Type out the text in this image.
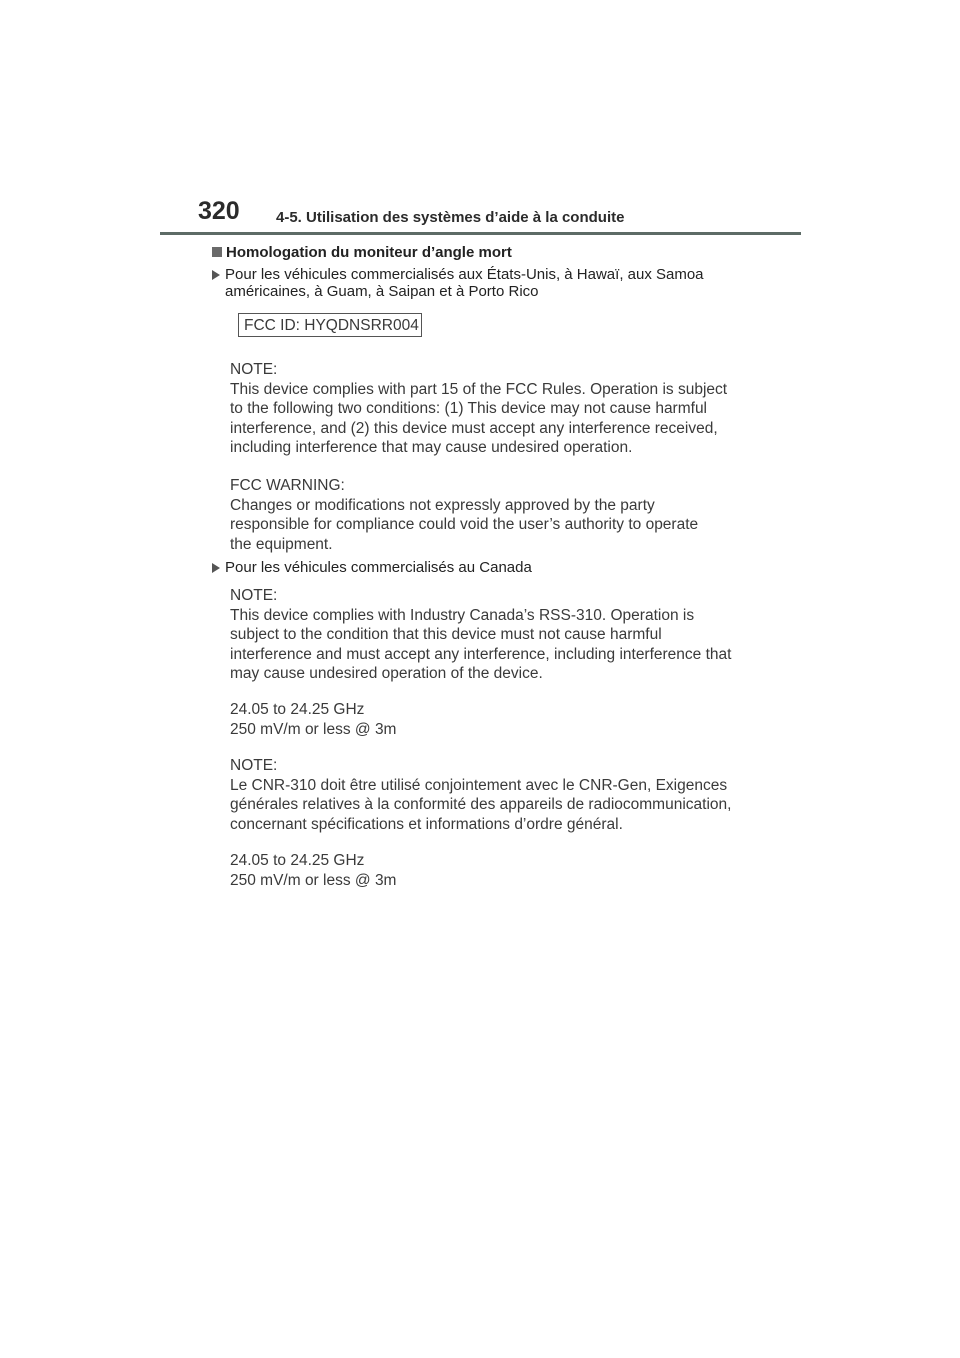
320 4-5. Utilisation des systèmes d’aide à la conduite
Homologation du moniteur d’angle mort
Pour les véhicules commercialisés aux États-Unis, à Hawaï, aux Samoa américaines, à Guam, à Saipan et à Porto Rico
FCC ID: HYQDNSRR004
NOTE:
This device complies with part 15 of the FCC Rules. Operation is subject
to the following two conditions: (1) This device may not cause harmful
interference, and (2) this device must accept any interference received,
including interference that may cause undesired operation.
FCC WARNING:
Changes or modifications not expressly approved by the party
responsible for compliance could void the user’s authority to operate
the equipment.
Pour les véhicules commercialisés au Canada
NOTE:
This device complies with Industry Canada’s RSS-310. Operation is
subject to the condition that this device must not cause harmful
interference and must accept any interference, including interference that
may cause undesired operation of the device.
24.05 to 24.25 GHz
250 mV/m or less @ 3m
NOTE:
Le CNR-310 doit être utilisé conjointement avec le CNR-Gen, Exigences
générales relatives à la conformité des appareils de radiocommunication,
concernant spécifications et informations d’ordre général.
24.05 to 24.25 GHz
250 mV/m or less @ 3m
